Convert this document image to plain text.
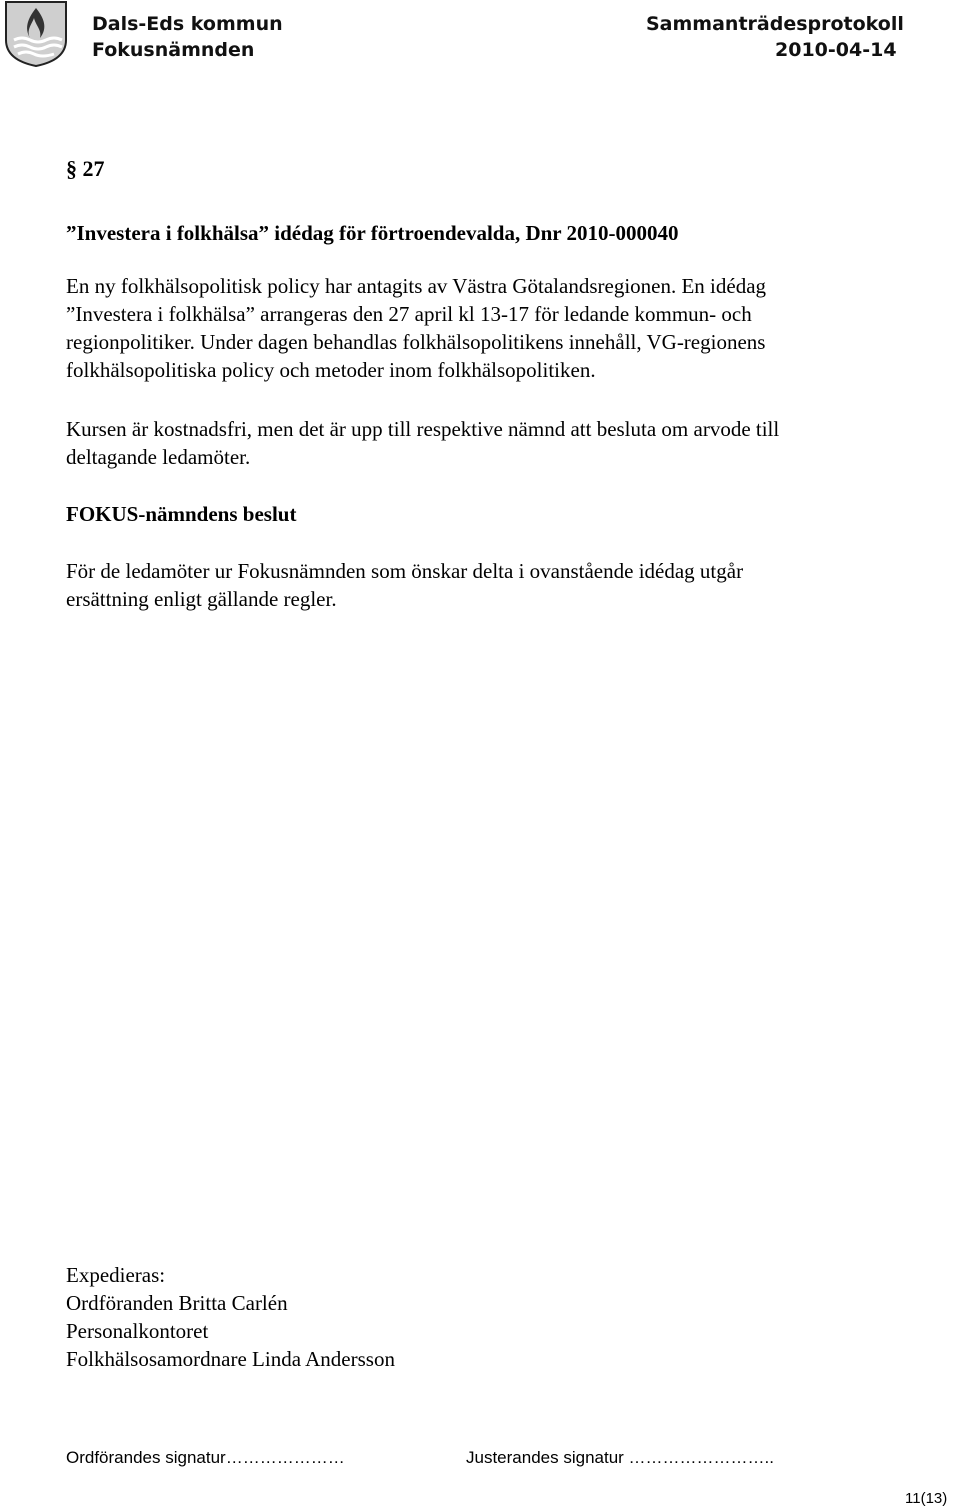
Dals-Eds kommun
Fokusnämnden
Sammanträdesprotokoll
2010-04-14
§ 27
”Investera i folkhälsa” idédag för förtroendevalda, Dnr 2010-000040
En ny folkhälsopolitisk policy har antagits av Västra Götalandsregionen. En idédag
”Investera i folkhälsa” arrangeras den 27 april kl 13-17 för ledande kommun- och
regionpolitiker. Under dagen behandlas folkhälsopolitikens innehåll, VG-regionens
folkhälsopolitiska policy och metoder inom folkhälsopolitiken.
Kursen är kostnadsfri, men det är upp till respektive nämnd att besluta om arvode till
deltagande ledamöter.
FOKUS-nämndens beslut
För de ledamöter ur Fokusnämnden som önskar delta i ovanstående idédag utgår
ersättning enligt gällande regler.
Expedieras:
Ordföranden Britta Carlén
Personalkontoret
Folkhälsosamordnare Linda Andersson
Ordförandes signatur…………………	Justerandes signatur ……………………..
11(13)
